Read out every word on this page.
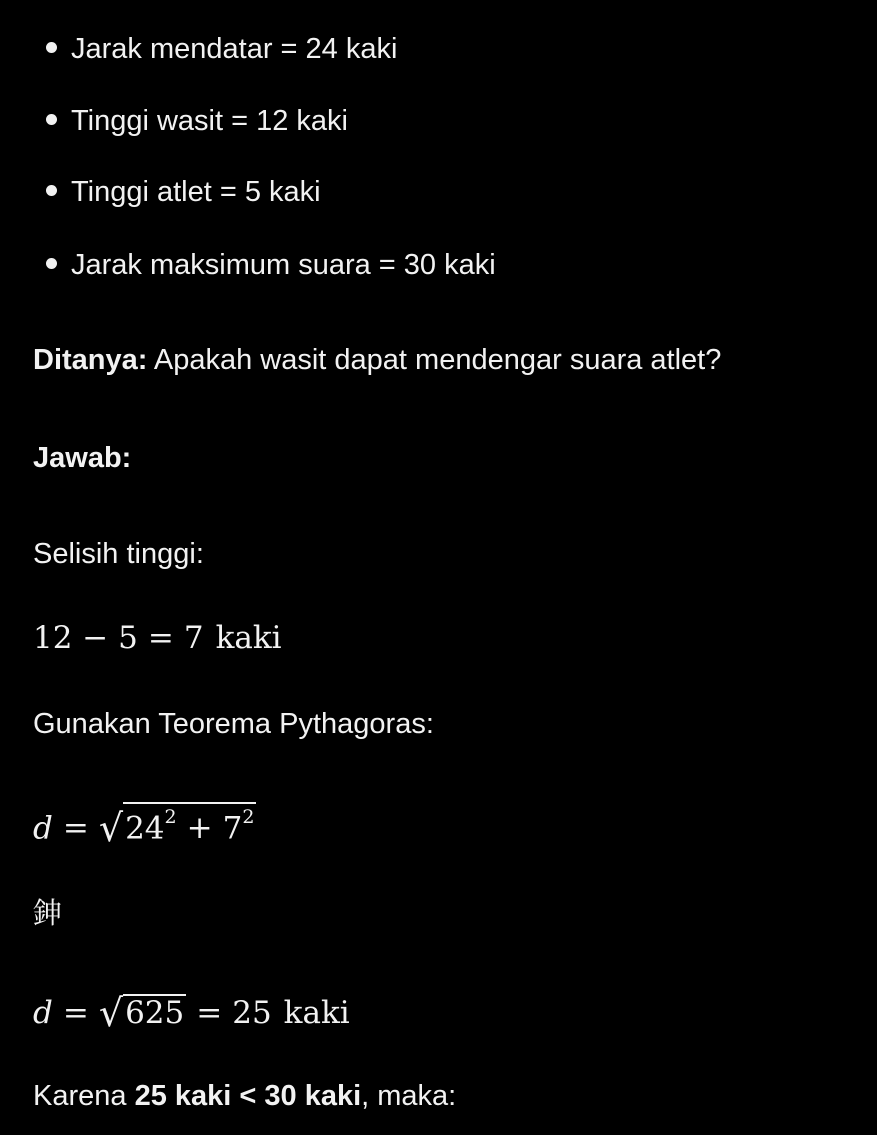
Jarak mendatar = 24 kaki
Tinggi wasit = 12 kaki
Tinggi atlet = 5 kaki
Jarak maksimum suara = 30 kaki
Ditanya: Apakah wasit dapat mendengar suara atlet?
Jawab:
Selisih tinggi:
12 − 5 = 7 kaki
Gunakan Teorema Pythagoras:
$d = √24^2 + 7^2$
鉮
d = √625 = 25 kaki
Karena 25 kaki < 30 kaki, maka:
